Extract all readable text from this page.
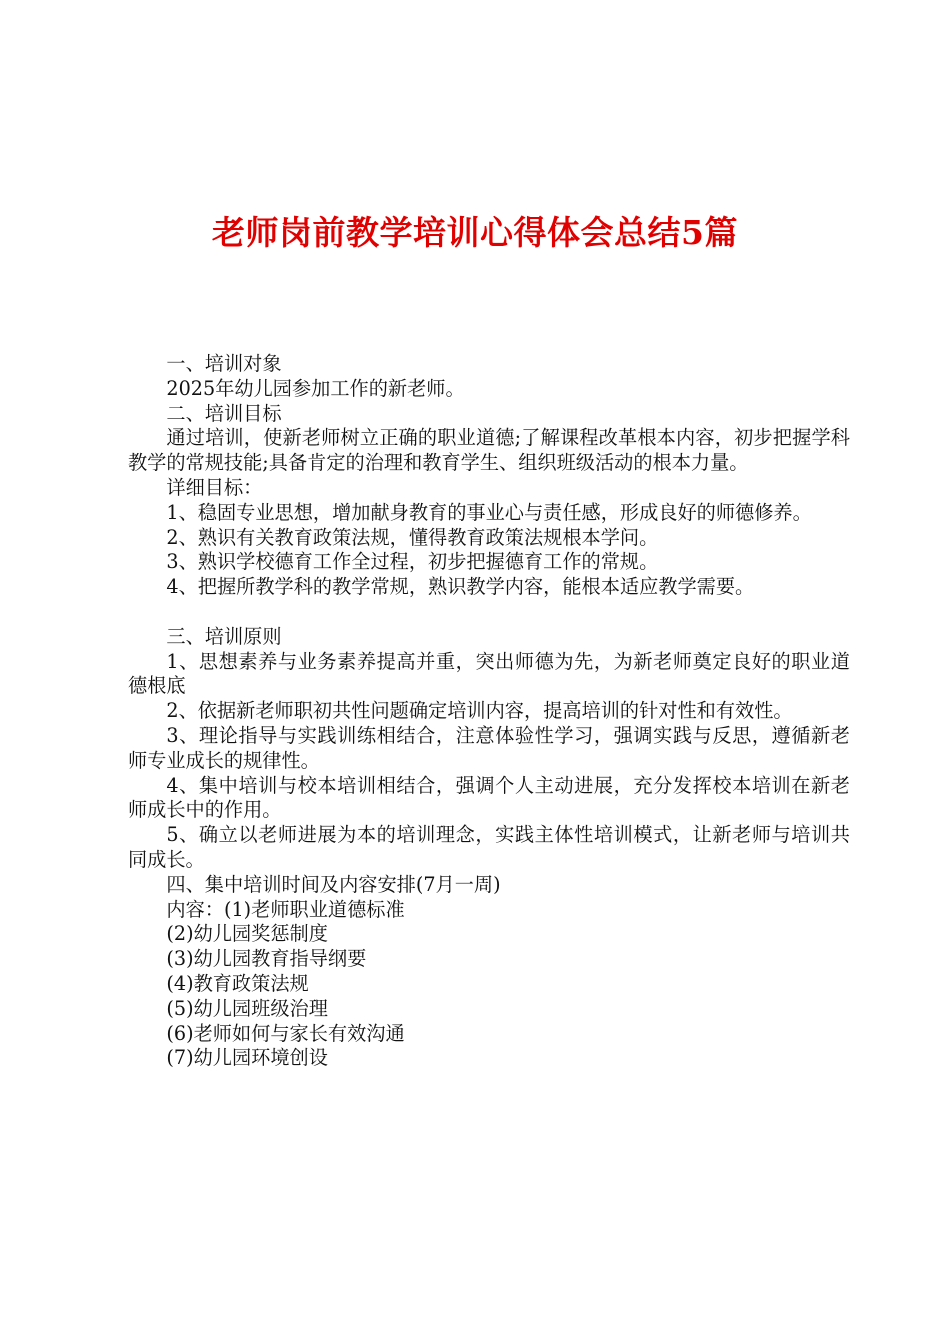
老师岗前教学培训心得体会总结5篇

一、培训对象

2025年幼儿园参加工作的新老师。

二、培训目标

通过培训，使新老师树立正确的职业道德;了解课程改革根本内容，初步把握学科教学的常规技能;具备肯定的治理和教育学生、组织班级活动的根本力量。

详细目标：

1、稳固专业思想，增加献身教育的事业心与责任感，形成良好的师德修养。

2、熟识有关教育政策法规，懂得教育政策法规根本学问。

3、熟识学校德育工作全过程，初步把握德育工作的常规。

4、把握所教学科的教学常规，熟识教学内容，能根本适应教学需要。

三、培训原则

1、思想素养与业务素养提高并重，突出师德为先，为新老师奠定良好的职业道德根底

2、依据新老师职初共性问题确定培训内容，提高培训的针对性和有效性。

3、理论指导与实践训练相结合，注意体验性学习，强调实践与反思，遵循新老师专业成长的规律性。

4、集中培训与校本培训相结合，强调个人主动进展，充分发挥校本培训在新老师成长中的作用。

5、确立以老师进展为本的培训理念，实践主体性培训模式，让新老师与培训共同成长。

四、集中培训时间及内容安排(7月一周)

内容：(1)老师职业道德标准

(2)幼儿园奖惩制度

(3)幼儿园教育指导纲要

(4)教育政策法规

(5)幼儿园班级治理

(6)老师如何与家长有效沟通

(7)幼儿园环境创设
